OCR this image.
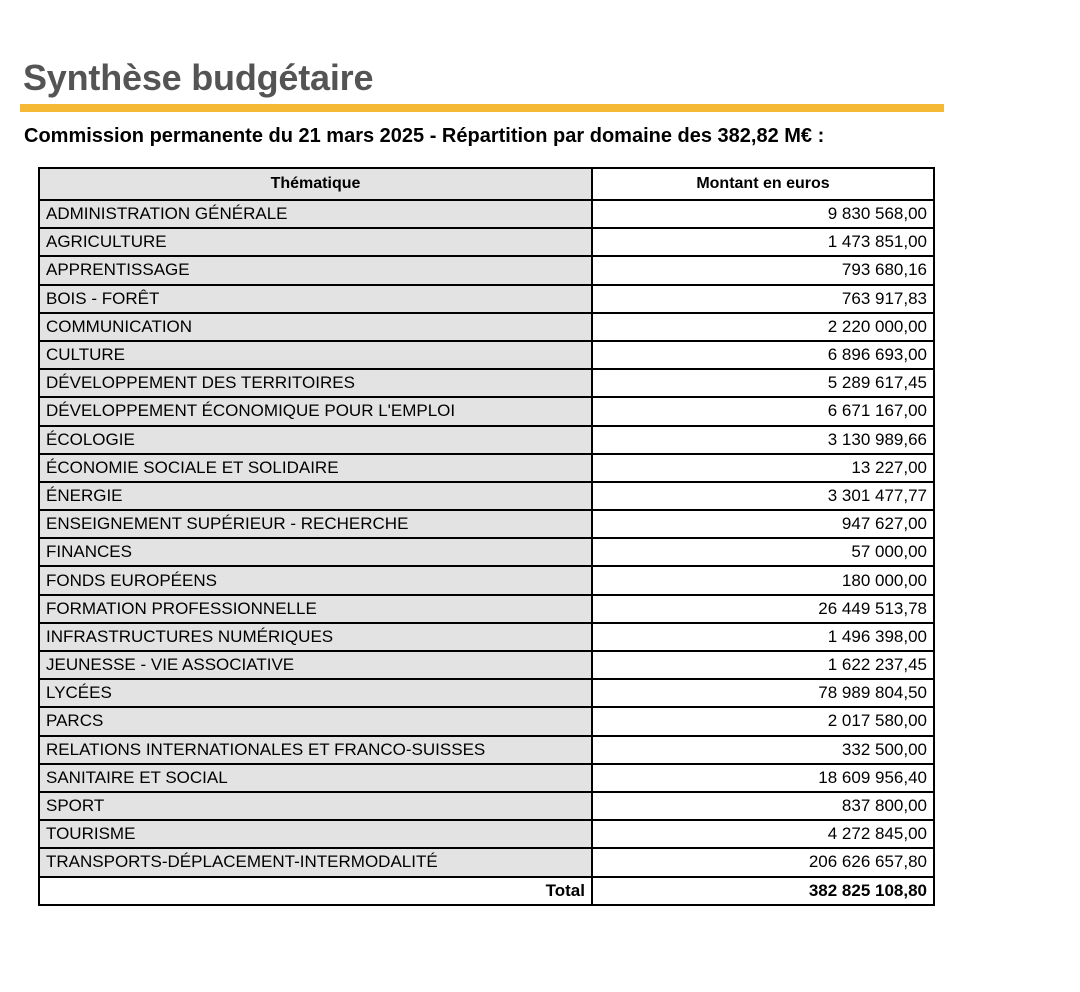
Synthèse budgétaire
Commission permanente du 21 mars 2025 - Répartition par domaine des 382,82 M€ :
Thématique	Montant en euros
ADMINISTRATION GÉNÉRALE	9 830 568,00
AGRICULTURE	1 473 851,00
APPRENTISSAGE	793 680,16
BOIS - FORÊT	763 917,83
COMMUNICATION	2 220 000,00
CULTURE	6 896 693,00
DÉVELOPPEMENT DES TERRITOIRES	5 289 617,45
DÉVELOPPEMENT ÉCONOMIQUE POUR L'EMPLOI	6 671 167,00
ÉCOLOGIE	3 130 989,66
ÉCONOMIE SOCIALE ET SOLIDAIRE	13 227,00
ÉNERGIE	3 301 477,77
ENSEIGNEMENT SUPÉRIEUR - RECHERCHE	947 627,00
FINANCES	57 000,00
FONDS EUROPÉENS	180 000,00
FORMATION PROFESSIONNELLE	26 449 513,78
INFRASTRUCTURES NUMÉRIQUES	1 496 398,00
JEUNESSE - VIE ASSOCIATIVE	1 622 237,45
LYCÉES	78 989 804,50
PARCS	2 017 580,00
RELATIONS INTERNATIONALES ET FRANCO-SUISSES	332 500,00
SANITAIRE ET SOCIAL	18 609 956,40
SPORT	837 800,00
TOURISME	4 272 845,00
TRANSPORTS-DÉPLACEMENT-INTERMODALITÉ	206 626 657,80
Total	382 825 108,80
